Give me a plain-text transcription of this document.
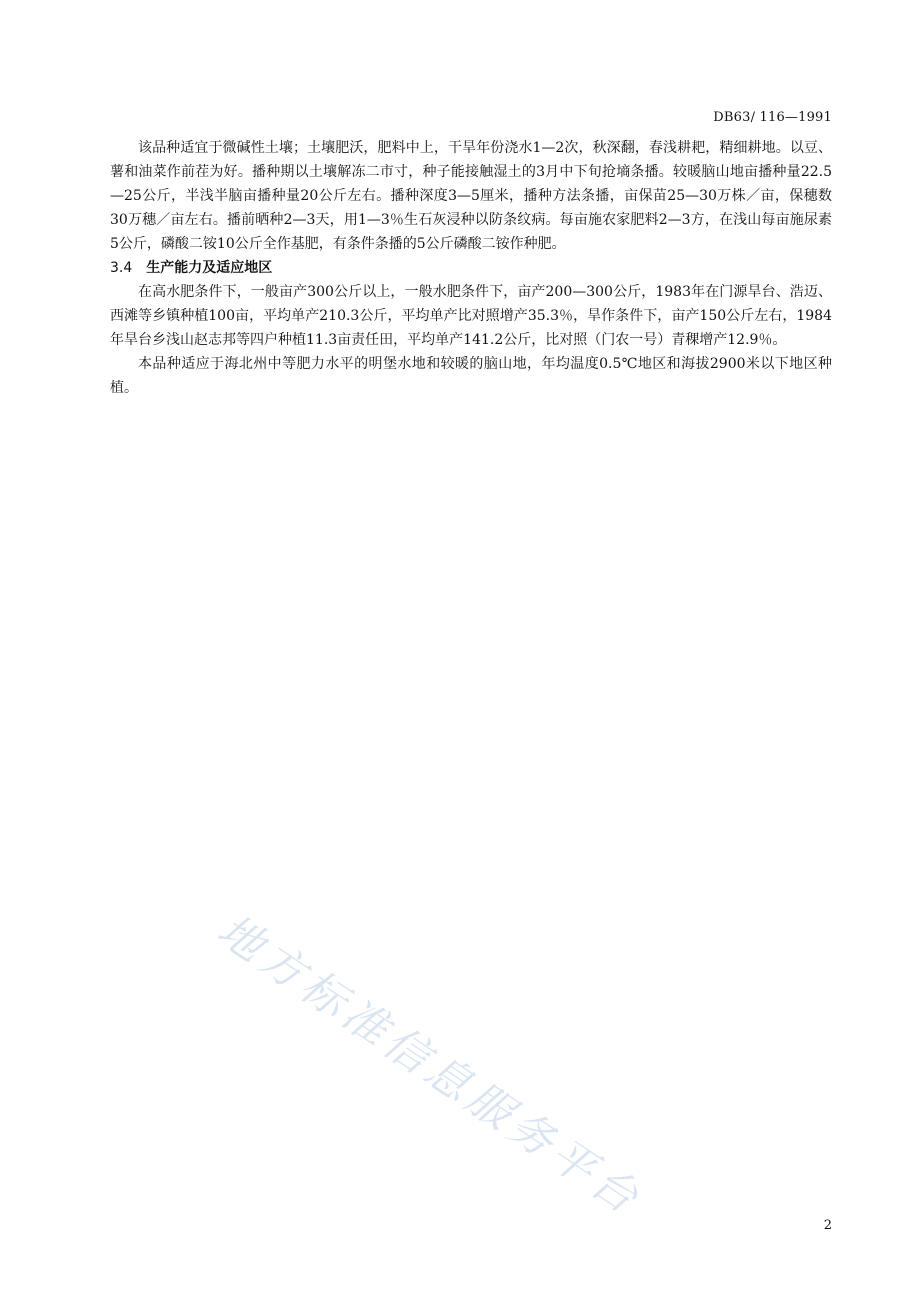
DB63/ 116—1991

该品种适宜于微碱性土壤；土壤肥沃，肥料中上，干旱年份浇水1—2次，秋深翻，春浅耕耙，精细耕地。以豆、薯和油菜作前茬为好。播种期以土壤解冻二市寸，种子能接触湿土的3月中下旬抢墒条播。较暖脑山地亩播种量22.5—25公斤，半浅半脑亩播种量20公斤左右。播种深度3—5厘米，播种方法条播，亩保苗25—30万株／亩，保穗数30万穗／亩左右。播前晒种2—3天，用1—3％生石灰浸种以防条纹病。每亩施农家肥料2—3方，在浅山每亩施尿素5公斤，磷酸二铵10公斤全作基肥，有条件条播的5公斤磷酸二铵作种肥。

3.4 生产能力及适应地区

在高水肥条件下，一般亩产300公斤以上，一般水肥条件下，亩产200—300公斤，1983年在门源旱台、浩迈、西滩等乡镇种植100亩，平均单产210.3公斤，平均单产比对照增产35.3％，旱作条件下，亩产150公斤左右，1984年旱台乡浅山赵志邦等四户种植11.3亩责任田，平均单产141.2公斤，比对照（门农一号）青稞增产12.9％。

本品种适应于海北州中等肥力水平的明堡水地和较暖的脑山地，年均温度0.5℃地区和海拔2900米以下地区种植。

地方标准信息服务平台	2
